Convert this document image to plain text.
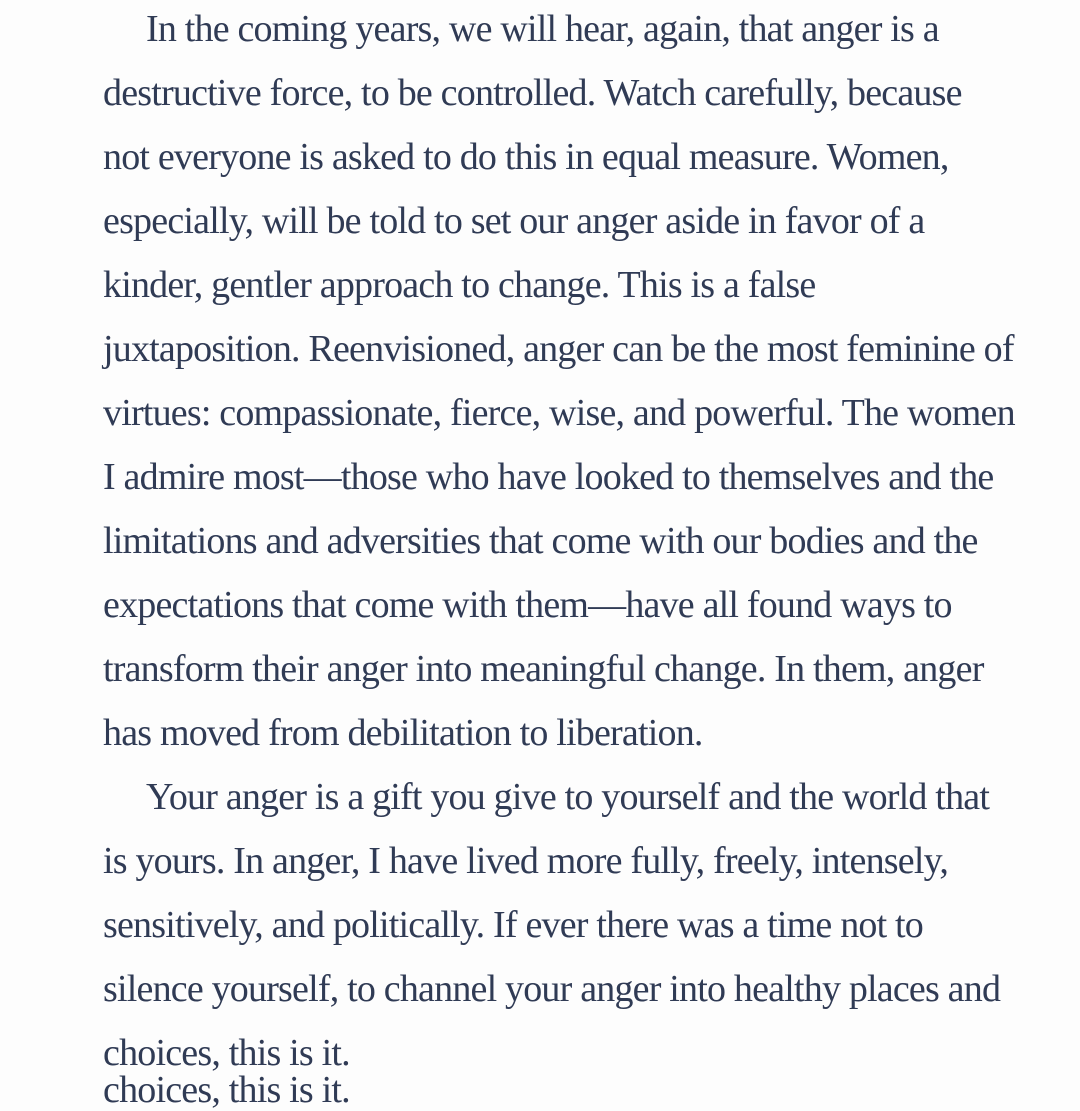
In the coming years, we will hear, again, that anger is a
destructive force, to be controlled. Watch carefully, because
not everyone is asked to do this in equal measure. Women,
especially, will be told to set our anger aside in favor of a
kinder, gentler approach to change. This is a false
juxtaposition. Reenvisioned, anger can be the most feminine of
virtues: compassionate, fierce, wise, and powerful. The women
I admire most—those who have looked to themselves and the
limitations and adversities that come with our bodies and the
expectations that come with them—have all found ways to
transform their anger into meaningful change. In them, anger
has moved from debilitation to liberation.

Your anger is a gift you give to yourself and the world that
is yours. In anger, I have lived more fully, freely, intensely,
sensitively, and politically. If ever there was a time not to
silence yourself, to channel your anger into healthy places and
choices, this is it.

choices, this is it.
